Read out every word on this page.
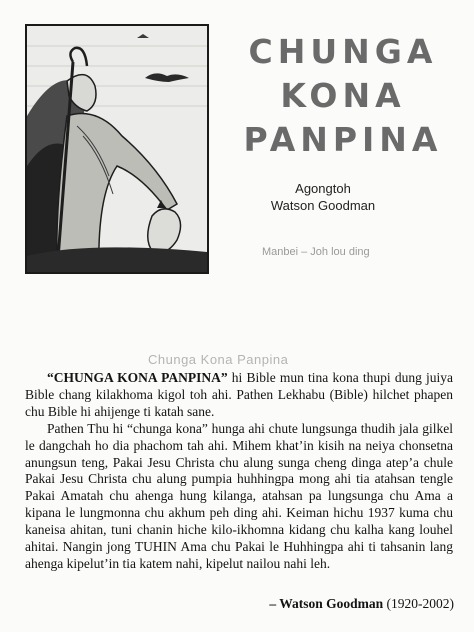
CHUNGA
KONA
PANPINA
Agongtoh
Watson Goodman
Manbei – Joh lou ding
Chunga Kona Panpina

“CHUNGA KONA PANPINA” hi Bible mun tina kona thupi dung juiya Bible chang kilakhoma kigol toh ahi. Pathen Lekhabu (Bible) hilchet phapen chu Bible hi ahijenge ti katah sane.

Pathen Thu hi “chunga kona” hunga ahi chute lungsunga thudih jala gilkel le dangchah ho dia phachom tah ahi. Mihem khat’in kisih na neiya chonsetna anungsun teng, Pakai Jesu Christa chu alung sunga cheng dinga atep’a chule Pakai Jesu Christa chu alung pumpia huhhingpa mong ahi tia atahsan tengle Pakai Amatah chu ahenga hung kilanga, atahsan pa lungsunga chu Ama a kipana le lungmonna chu akhum peh ding ahi. Keiman hichu 1937 kuma chu kaneisa ahitan, tuni chanin hiche kilo-ikhomna kidang chu kalha kang louhel ahitai. Nangin jong TUHIN Ama chu Pakai le Huhhingpa ahi ti tahsanin lang ahenga kipelut’in tia katem nahi, kipelut nailou nahi leh.

– Watson Goodman (1920-2002)
